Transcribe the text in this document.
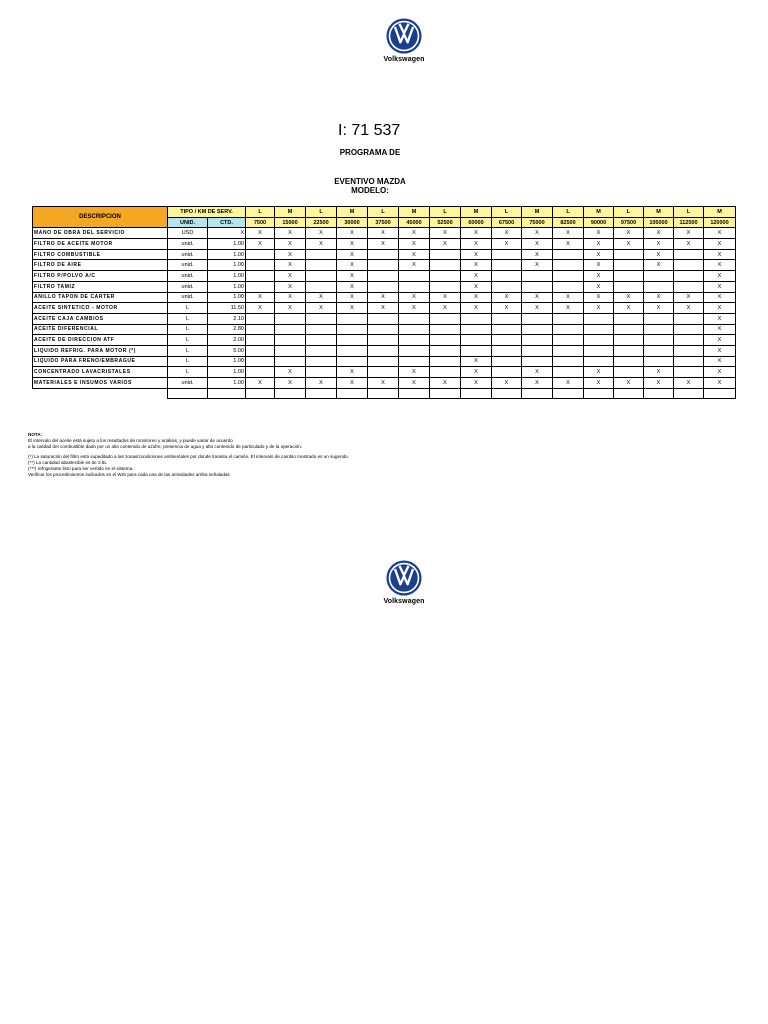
Volkswagen
I: 71 537
PROGRAMA DE
EVENTIVO MAZDA
MODELO:
DESCRIPCION	TIPO / KM DE SERV.		L	M	L	M	L	M	L	M	L	M	L	M	L	M	L	M
	UNID.	CTD.	7500	15000	22500	30000	37500	45000	52500	60000	67500	75000	82500	90000	97500	105000	112500	120000
MANO DE OBRA DEL SERVICIO	USD	X	X	X	X	X	X	X	X	X	X	X	X	X	X	X	X	X
FILTRO DE ACEITE MOTOR	unid.	1.00	X	X	X	X	X	X	X	X	X	X	X	X	X	X	X	X
FILTRO COMBUSTIBLE	unid.	1.00		X		X		X		X		X		X		X		X
FILTRO DE AIRE	unid.	1.00		X		X		X		X		X		X		X		X
FILTRO P/POLVO A/C	unid.	1.00		X		X				X				X				X
FILTRO TAMIZ	unid.	1.00		X		X				X				X				X
ANILLO TAPON DE CARTER	unid.	1.00	X	X	X	X	X	X	X	X	X	X	X	X	X	X	X	X
ACEITE SINTETICO - MOTOR	L	11.50	X	X	X	X	X	X	X	X	X	X	X	X	X	X	X	X
ACEITE CAJA CAMBIOS	L	2.10																X
ACEITE DIFERENCIAL	L	2.80																X
ACEITE DE DIRECCION ATF	L	2.00																X
LIQUIDO REFRIG. PARA MOTOR (*)	L	5.00																X
LIQUIDO PARA FRENO/EMBRAGUE	L	1.00								X								X
CONCENTRADO LAVACRISTALES	L	1.00		X		X		X		X		X		X		X		X
MATERIALES E INSUMOS VARIOS	unid.	1.00	X	X	X	X	X	X	X	X	X	X	X	X	X	X	X	X

NOTA:
El intervalo del aceite está sujeto a los resultados de monitoreo y análisis, y puede variar de acuerdo
a la calidad del combustible dado por un alto contenido de azufre, presencia de agua y alto contenido de particulado y de la operación.
(*) La saturación del filtro está supeditado a las zonas/condiciones ambientales por donde transita el camión. El intervalo de cambio mostrado es un sugerido.
(**) La cantidad abastecible es de 2.5L
(***) refrigerante listo para ser vertido en el sistema.
Verificar los procedimientos indicados en el WIS para cada una de las actividades arriba señaladas
Volkswagen
